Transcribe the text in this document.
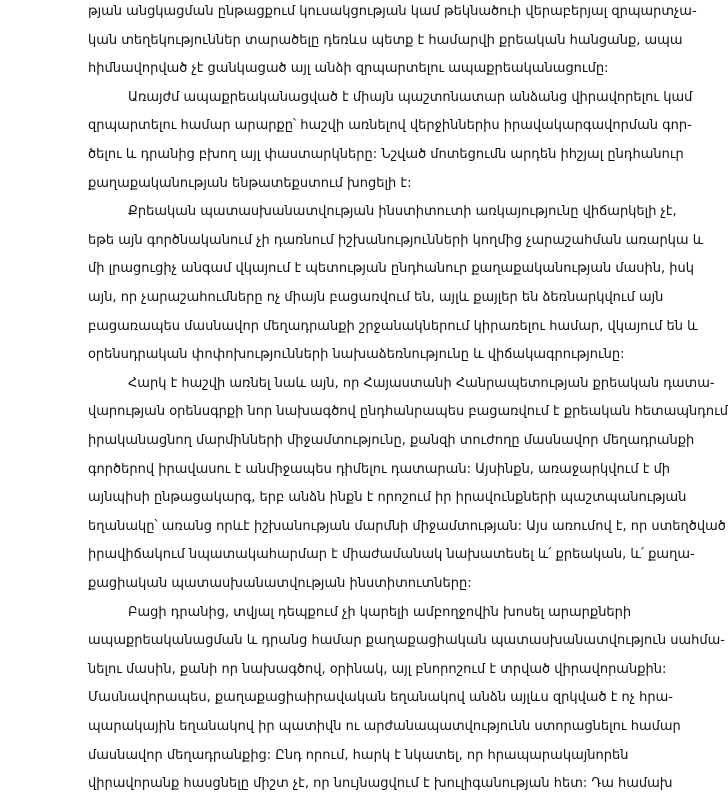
թյան անցկացման ընթացքում կուսակցության կամ թեկնածուի վերաբերյալ զրպարտչա-
կան տեղեկություններ տարածելը դեռևս պետք է համարվի քրեական հանցանք, ապա
հիմնավորված չէ ցանկացած այլ անձի զրպարտելու ապաքրեականացումը:
Առայժմ ապաքրեականացված է միայն պաշտոնատար անձանց վիրավորելու կամ
զրպարտելու համար արարքը՝ հաշվի առնելով վերջիններիս իրավակարգավորման գոր-
ծելու և դրանից բխող այլ փաստարկները: Նշված մոտեցումն արդեն իհշյալ ընդհանուր
քաղաքականության ենթատեքստում խոցելի է:
Քրեական պատասխանատվության ինստիտուտի առկայությունը վիճարկելի չէ,
եթե այն գործնականում չի դառնում իշխանությունների կողմից չարաշահման առարկա և
մի լրացուցիչ անգամ վկայում է պետության ընդհանուր քաղաքականության մասին, իսկ
այն, որ չարաշահումները ոչ միայն բացառվում են, այլև քայլեր են ձեռնարկվում այն
բացառապես մասնավոր մեղադրանքի շրջանակներում կիրառելու համար, վկայում են և
օրենսդրական փոփոխությունների նախաձեռնությունը և վիճակագրությունը:
Հարկ է հաշվի առնել նաև այն, որ Հայաստանի Հանրապետության քրեական դատա-
վարության օրենսգրքի նոր նախագծով ընդհանրապես բացառվում է քրեական հետապնդում
իրականացնող մարմինների միջամտությունը, քանզի տուժողը մասնավոր մեղադրանքի
գործերով իրավասու է անմիջապես դիմելու դատարան: Այսինքն, առաջարկվում է մի
այնպիսի ընթացակարգ, երբ անձն ինքն է որոշում իր իրավունքների պաշտպանության
եղանակը՝ առանց որևէ իշխանության մարմնի միջամտության: Այս առումով է, որ ստեղծված
իրավիճակում նպատակահարմար է միաժամանակ նախատեսել և՛ քրեական, և՛ քաղա-
քացիական պատասխանատվության ինստիտուտները:
Բացի դրանից, տվյալ դեպքում չի կարելի ամբողջովին խոսել արարքների
ապաքրեականացման և դրանց համար քաղաքացիական պատասխանատվություն սահմա-
նելու մասին, քանի որ նախագծով, օրինակ, այլ բնորոշում է տրված վիրավորանքին:
Մասնավորապես, քաղաքացիաիրավական եղանակով անձն այլևս զրկված է ոչ հրա-
պարակային եղանակով իր պատիվն ու արժանապատվությունն ստորացնելու համար
մասնավոր մեղադրանքից: Ընդ որում, հարկ է նկատել, որ հրապարակայնորեն
վիրավորանք հասցնելը միշտ չէ, որ նույնացվում է խուլիգանության հետ: Դա համախ
